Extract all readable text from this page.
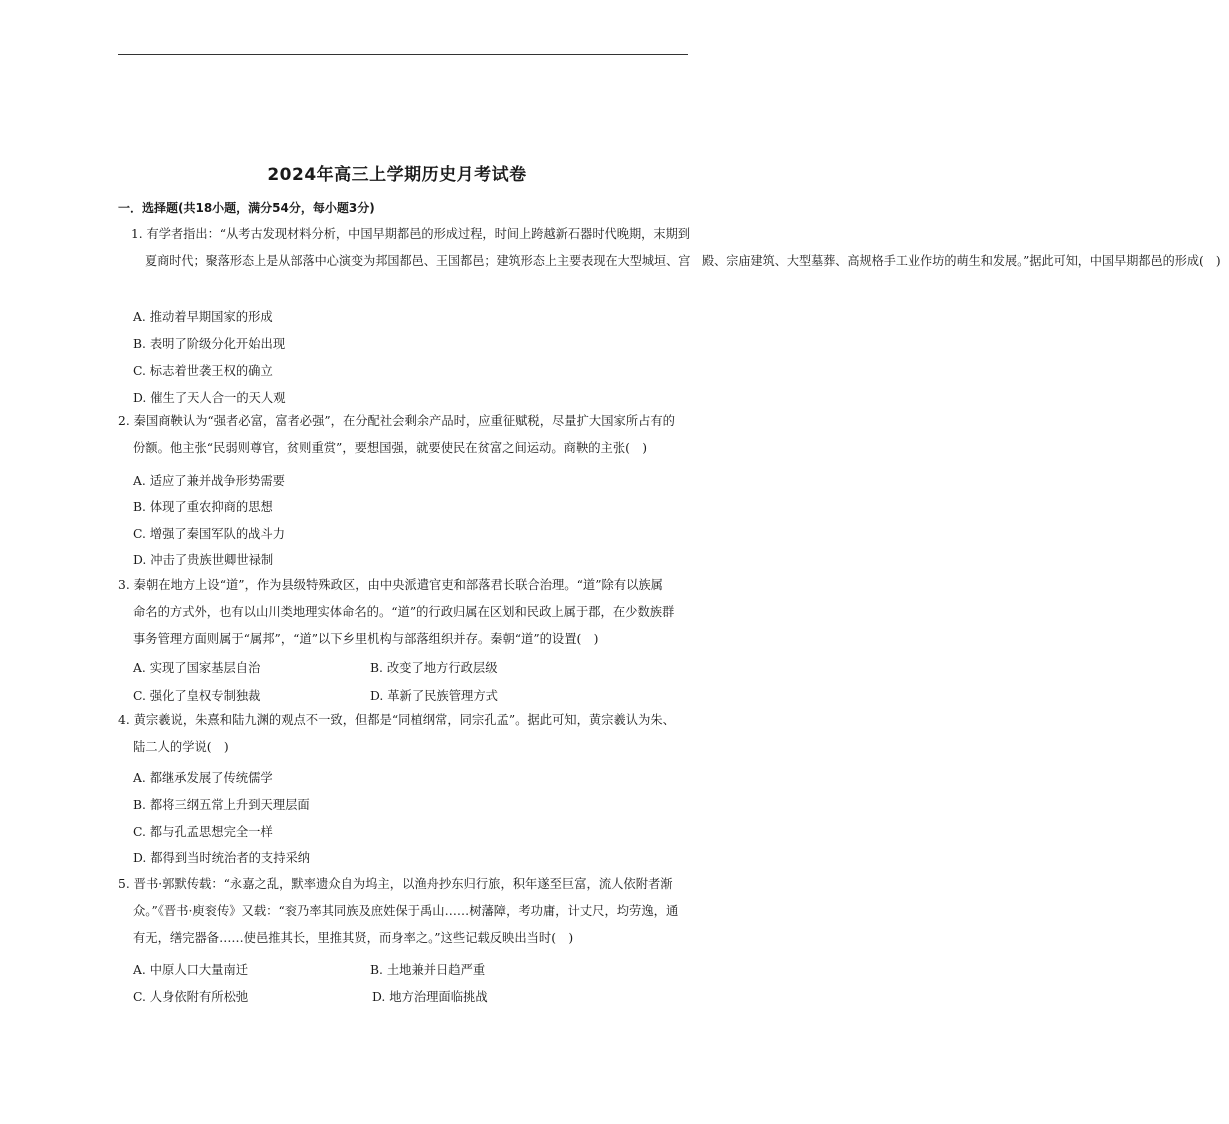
2024年高三上学期历史月考试卷
一．选择题(共18小题，满分54分，每小题3分)
1. 有学者指出：“从考古发现材料分析，中国早期都邑的形成过程，时间上跨越新石器时代晚期，末期到
夏商时代；聚落形态上是从部落中心演变为邦国都邑、王国都邑；建筑形态上主要表现在大型城垣、宫 殿、宗庙建筑、大型墓葬、高规格手工业作坊的萌生和发展。”据此可知，中国早期都邑的形成(　)
A. 推动着早期国家的形成
B. 表明了阶级分化开始出现
C. 标志着世袭王权的确立
D. 催生了天人合一的天人观
2. 秦国商鞅认为“强者必富，富者必强”，在分配社会剩余产品时，应重征赋税，尽量扩大国家所占有的
份额。他主张“民弱则尊官，贫则重赏”，要想国强，就要使民在贫富之间运动。商鞅的主张(　)
A. 适应了兼并战争形势需要
B. 体现了重农抑商的思想
C. 增强了秦国军队的战斗力
D. 冲击了贵族世卿世禄制
3. 秦朝在地方上设“道”，作为县级特殊政区，由中央派遣官吏和部落君长联合治理。“道”除有以族属
命名的方式外，也有以山川类地理实体命名的。“道”的行政归属在区划和民政上属于郡，在少数族群
事务管理方面则属于“属邦”，“道”以下乡里机构与部落组织并存。秦朝“道”的设置(　)
A. 实现了国家基层自治	B. 改变了地方行政层级
C. 强化了皇权专制独裁	D. 革新了民族管理方式
4. 黄宗羲说，朱熹和陆九渊的观点不一致，但都是“同植纲常，同宗孔孟”。据此可知，黄宗羲认为朱、
陆二人的学说(　)
A. 都继承发展了传统儒学
B. 都将三纲五常上升到天理层面
C. 都与孔孟思想完全一样
D. 都得到当时统治者的支持采纳
5. 晋书·郭默传载：“永嘉之乱，默率遗众自为坞主，以渔舟抄东归行旅，积年遂至巨富，流人依附者渐
众。”《晋书·庾衮传》又载：“衮乃率其同族及庶姓保于禹山……树藩障，考功庸，计丈尺，均劳逸，通
有无，缮完器备……使邑推其长，里推其贤，而身率之。”这些记载反映出当时(　)
A. 中原人口大量南迁	B. 土地兼并日趋严重
C. 人身依附有所松弛	D. 地方治理面临挑战
